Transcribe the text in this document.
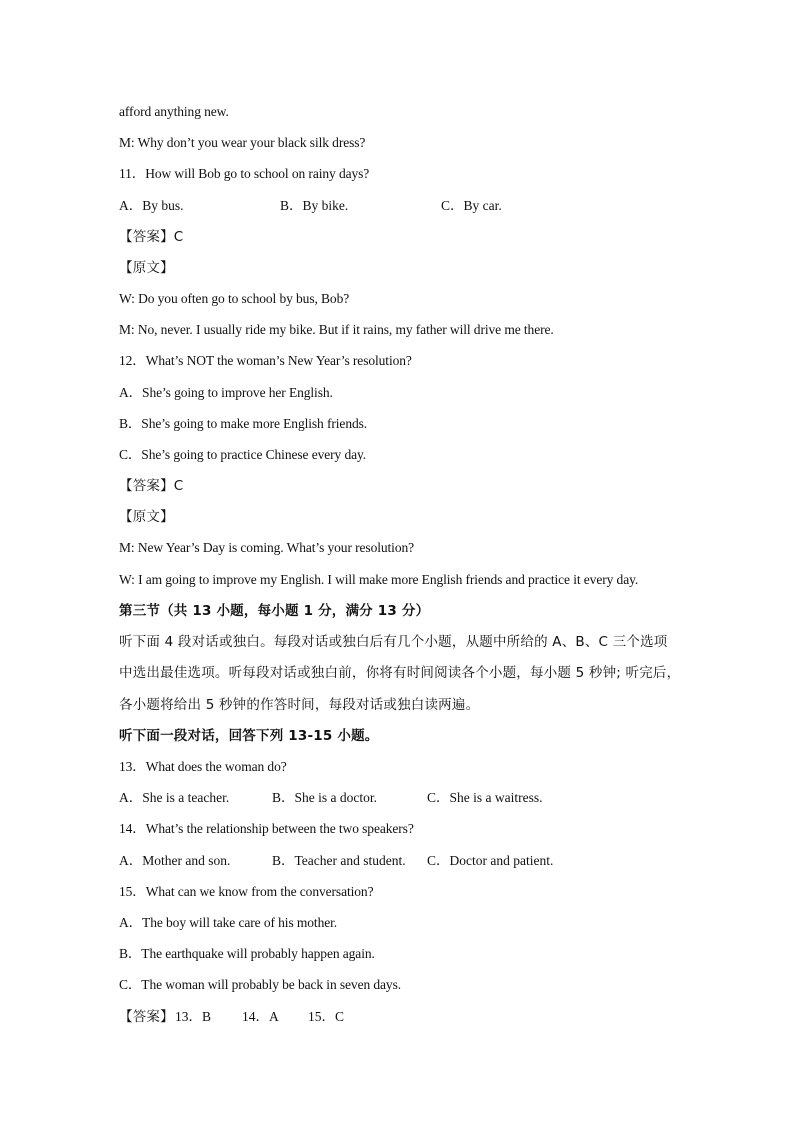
afford anything new.
M: Why don’t you wear your black silk dress?
11．How will Bob go to school on rainy days?
A．By bus.	B．By bike.	C．By car.
【答案】C
【原文】
W: Do you often go to school by bus, Bob?
M: No, never. I usually ride my bike. But if it rains, my father will drive me there.
12．What’s NOT the woman’s New Year’s resolution?
A．She’s going to improve her English.
B．She’s going to make more English friends.
C．She’s going to practice Chinese every day.
【答案】C
【原文】
M: New Year’s Day is coming. What’s your resolution?
W: I am going to improve my English. I will make more English friends and practice it every day.
第三节（共 13 小题，每小题 1 分，满分 13 分）
听下面 4 段对话或独白。每段对话或独白后有几个小题，从题中所给的 A、B、C 三个选项
中选出最佳选项。听每段对话或独白前，你将有时间阅读各个小题，每小题 5 秒钟; 听完后，
各小题将给出 5 秒钟的作答时间，每段对话或独白读两遍。
听下面一段对话，回答下列 13-15 小题。
13．What does the woman do?
A．She is a teacher.	B．She is a doctor.	C．She is a waitress.
14．What’s the relationship between the two speakers?
A．Mother and son.	B．Teacher and student. C．Doctor and patient.
15．What can we know from the conversation?
A．The boy will take care of his mother.
B．The earthquake will probably happen again.
C．The woman will probably be back in seven days.
【答案】 13．B 14．A 15．C
